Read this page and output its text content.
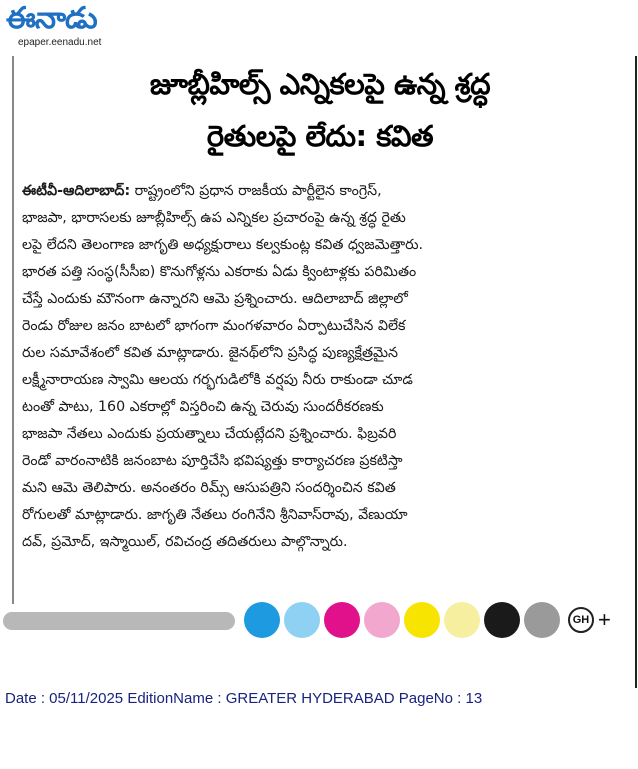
ఈనాడు
epaper.eenadu.net
జూబ్లీహిల్స్ ఎన్నికలపై ఉన్న శ్రద్ధ
రైతులపై లేదు: కవిత
ఈటీవీ-ఆదిలాబాద్: రాష్ట్రంలోని ప్రధాన రాజకీయ పార్టీలైన కాంగ్రెస్,
భాజపా, భారాసలకు జూబ్లీహిల్స్ ఉప ఎన్నికల ప్రచారంపై ఉన్న శ్రద్ధ రైతు
లపై లేదని తెలంగాణ జాగృతి అధ్యక్షురాలు కల్వకుంట్ల కవిత ధ్వజమెత్తారు.
భారత పత్తి సంస్థ(సీసీఐ) కొనుగోళ్లను ఎకరాకు ఏడు క్వింటాళ్లకు పరిమితం
చేస్తే ఎందుకు మౌనంగా ఉన్నారని ఆమె ప్రశ్నించారు. ఆదిలాబాద్ జిల్లాలో
రెండు రోజుల జనం బాటలో భాగంగా మంగళవారం ఏర్పాటుచేసిన విలేక
రుల సమావేశంలో కవిత మాట్లాడారు. జైనథ్‌లోని ప్రసిద్ధ పుణ్యక్షేత్రమైన
లక్ష్మీనారాయణ స్వామి ఆలయ గర్భగుడిలోకి వర్షపు నీరు రాకుండా చూడ
టంతో పాటు, 160 ఎకరాల్లో విస్తరించి ఉన్న చెరువు సుందరీకరణకు
భాజపా నేతలు ఎందుకు ప్రయత్నాలు చేయట్లేదని ప్రశ్నించారు. ఫిబ్రవరి
రెండో వారంనాటికి జనంబాట పూర్తిచేసి భవిష్యత్తు కార్యాచరణ ప్రకటిస్తా
మని ఆమె తెలిపారు. అనంతరం రిమ్స్ ఆసుపత్రిని సందర్శించిన కవిత
రోగులతో మాట్లాడారు. జాగృతి నేతలు రంగినేని శ్రీనివాస్‌రావు, వేణుయా
దవ్, ప్రమోద్, ఇస్మాయిల్, రవిచంద్ర తదితరులు పాల్గొన్నారు.
GH +
Date : 05/11/2025 EditionName : GREATER HYDERABAD PageNo : 13
